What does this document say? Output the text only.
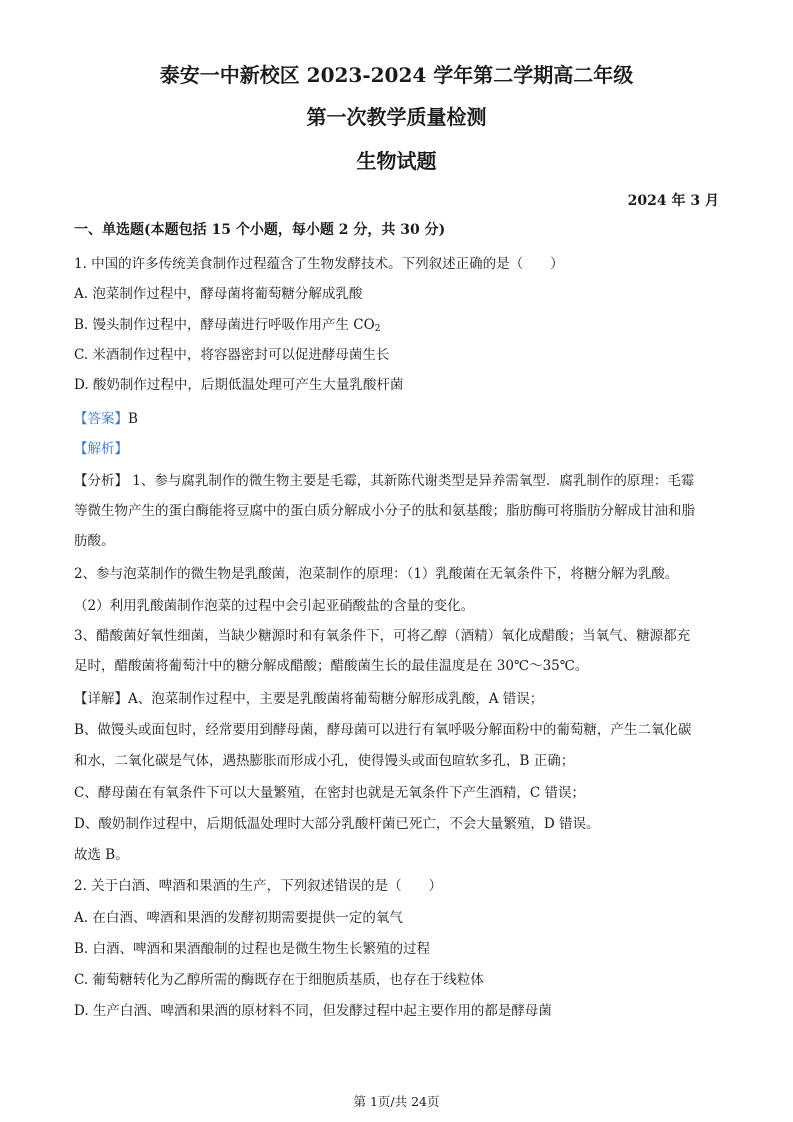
泰安一中新校区 2023-2024 学年第二学期高二年级
第一次教学质量检测
生物试题
2024 年 3 月
一、单选题(本题包括 15 个小题，每小题 2 分，共 30 分)
1. 中国的许多传统美食制作过程蕴含了生物发酵技术。下列叙述正确的是（　　）
A. 泡菜制作过程中，酵母菌将葡萄糖分解成乳酸
B. 馒头制作过程中，酵母菌进行呼吸作用产生 $CO_2$
C. 米酒制作过程中，将容器密封可以促进酵母菌生长
D. 酸奶制作过程中，后期低温处理可产生大量乳酸杆菌
【答案】B
【解析】
【分析】 1、参与腐乳制作的微生物主要是毛霉，其新陈代谢类型是异养需氧型．腐乳制作的原理：毛霉
等微生物产生的蛋白酶能将豆腐中的蛋白质分解成小分子的肽和氨基酸；脂肪酶可将脂肪分解成甘油和脂
肪酸。
2、参与泡菜制作的微生物是乳酸菌，泡菜制作的原理：（1）乳酸菌在无氧条件下，将糖分解为乳酸。
（2）利用乳酸菌制作泡菜的过程中会引起亚硝酸盐的含量的变化。
3、醋酸菌好氧性细菌，当缺少糖源时和有氧条件下，可将乙醇（酒精）氧化成醋酸；当氧气、糖源都充
足时，醋酸菌将葡萄汁中的糖分解成醋酸；醋酸菌生长的最佳温度是在 30℃～35℃。
【详解】A、泡菜制作过程中，主要是乳酸菌将葡萄糖分解形成乳酸，A 错误；
B、做馒头或面包时，经常要用到酵母菌，酵母菌可以进行有氧呼吸分解面粉中的葡萄糖，产生二氧化碳
和水，二氧化碳是气体，遇热膨胀而形成小孔，使得馒头或面包暄软多孔，B 正确；
C、酵母菌在有氧条件下可以大量繁殖，在密封也就是无氧条件下产生酒精，C 错误；
D、酸奶制作过程中，后期低温处理时大部分乳酸杆菌已死亡，不会大量繁殖，D 错误。
故选 B。
2. 关于白酒、啤酒和果酒的生产，下列叙述错误的是（　　）
A. 在白酒、啤酒和果酒的发酵初期需要提供一定的氧气
B. 白酒、啤酒和果酒酿制的过程也是微生物生长繁殖的过程
C. 葡萄糖转化为乙醇所需的酶既存在于细胞质基质，也存在于线粒体
D. 生产白酒、啤酒和果酒的原材料不同，但发酵过程中起主要作用的都是酵母菌
第 1页/共 24页
